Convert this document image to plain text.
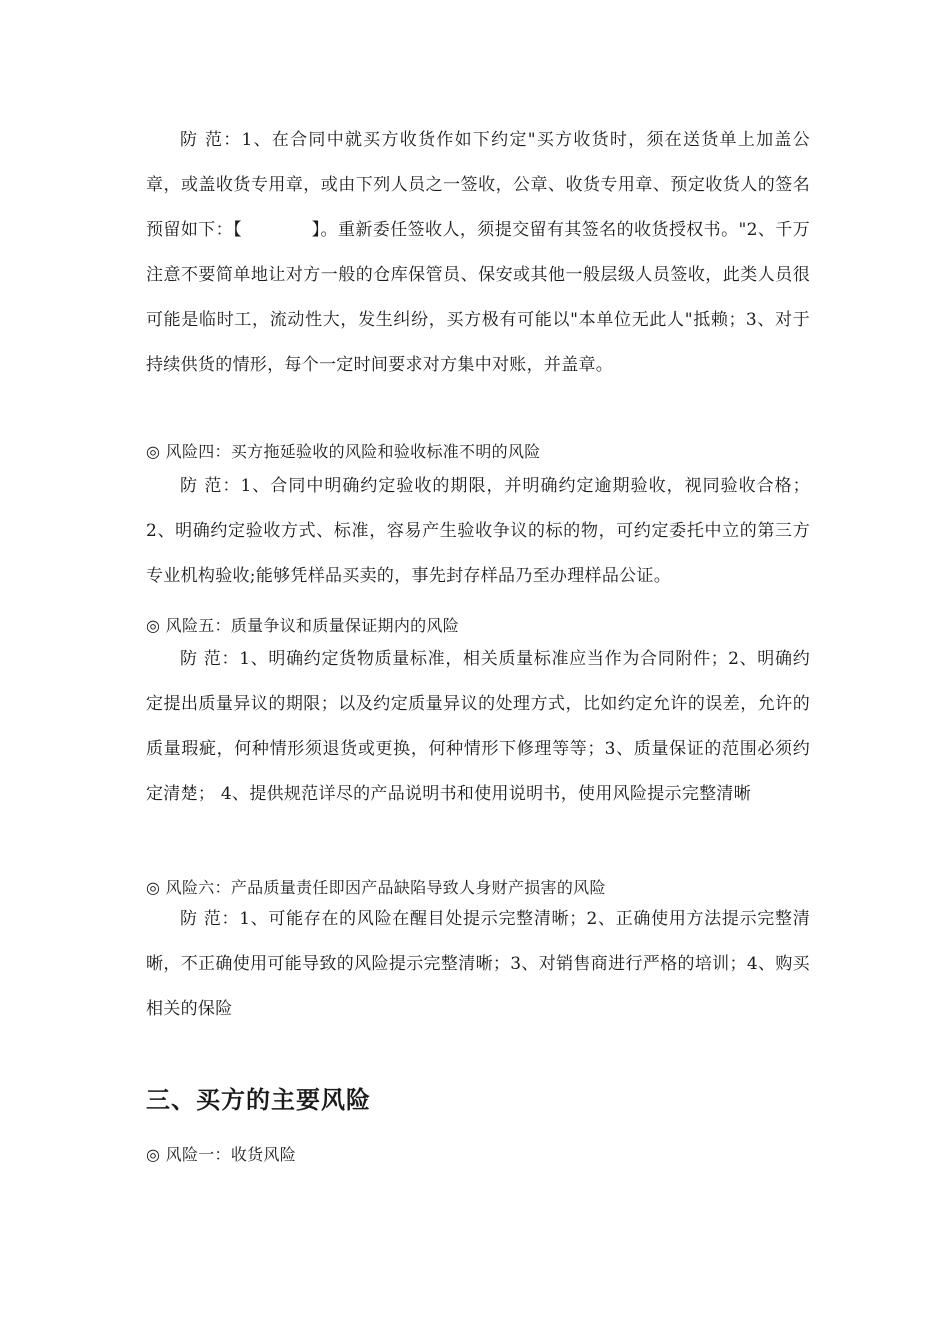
防 范：1、在合同中就买方收货作如下约定"买方收货时，须在送货单上加盖公章，或盖收货专用章，或由下列人员之一签收，公章、收货专用章、预定收货人的签名预留如下：【　　　　】。重新委任签收人，须提交留有其签名的收货授权书。"2、千万注意不要简单地让对方一般的仓库保管员、保安或其他一般层级人员签收，此类人员很可能是临时工，流动性大，发生纠纷，买方极有可能以"本单位无此人"抵赖；3、对于持续供货的情形，每个一定时间要求对方集中对账，并盖章。

◎ 风险四：买方拖延验收的风险和验收标准不明的风险

防 范：1、合同中明确约定验收的期限，并明确约定逾期验收，视同验收合格；2、明确约定验收方式、标准，容易产生验收争议的标的物，可约定委托中立的第三方专业机构验收;能够凭样品买卖的，事先封存样品乃至办理样品公证。

◎ 风险五：质量争议和质量保证期内的风险

防 范：1、明确约定货物质量标准，相关质量标准应当作为合同附件；2、明确约定提出质量异议的期限；以及约定质量异议的处理方式，比如约定允许的误差，允许的质量瑕疵，何种情形须退货或更换，何种情形下修理等等；3、质量保证的范围必须约定清楚； 4、提供规范详尽的产品说明书和使用说明书，使用风险提示完整清晰

◎ 风险六：产品质量责任即因产品缺陷导致人身财产损害的风险

防 范：1、可能存在的风险在醒目处提示完整清晰；2、正确使用方法提示完整清晰，不正确使用可能导致的风险提示完整清晰；3、对销售商进行严格的培训；4、购买相关的保险

三、买方的主要风险

◎ 风险一：收货风险
